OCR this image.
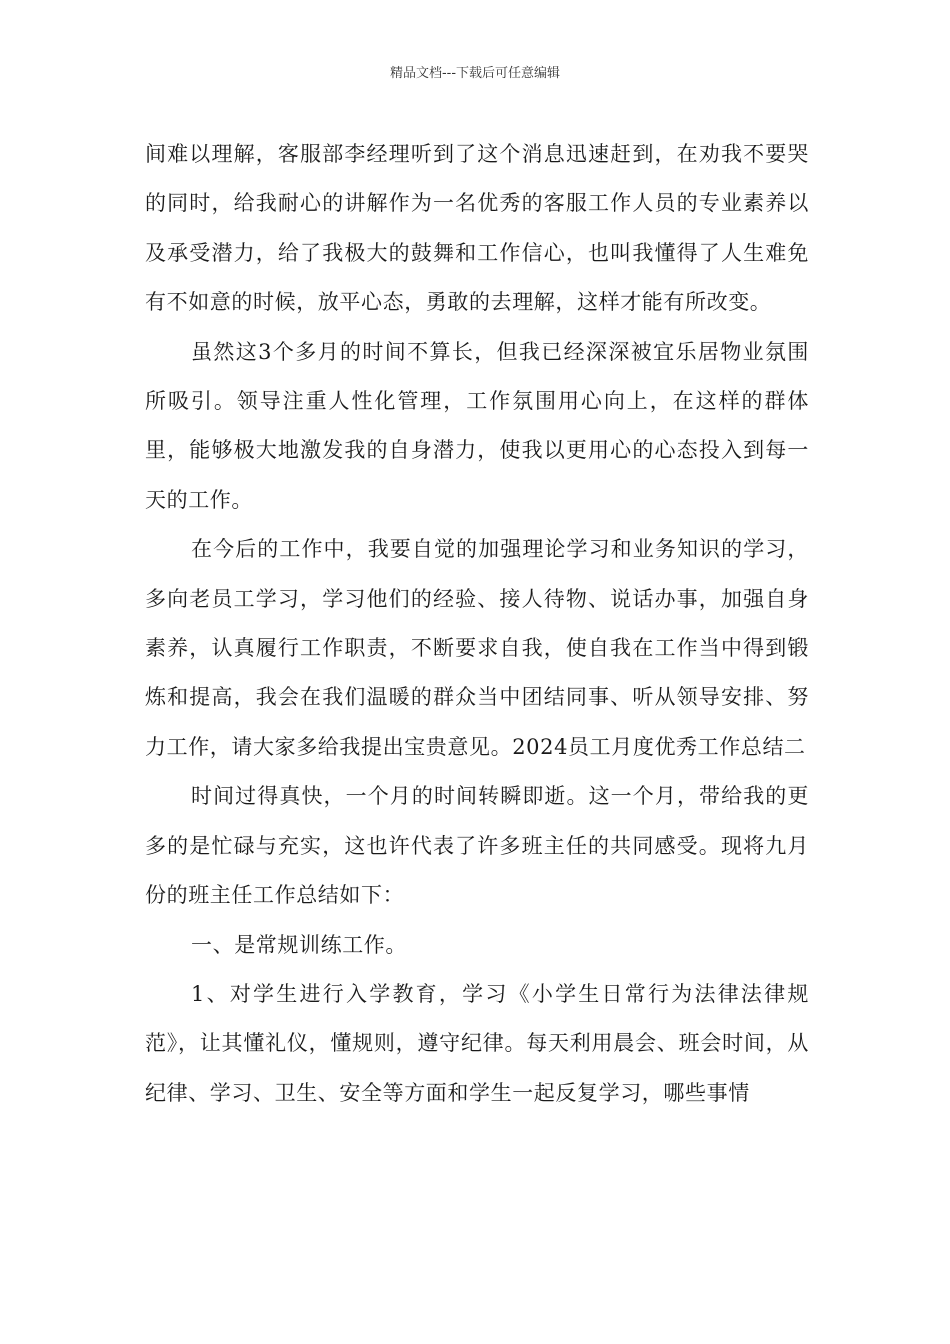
精品文档---下载后可任意编辑

间难以理解，客服部李经理听到了这个消息迅速赶到，在劝我不要哭的同时，给我耐心的讲解作为一名优秀的客服工作人员的专业素养以及承受潜力，给了我极大的鼓舞和工作信心，也叫我懂得了人生难免有不如意的时候，放平心态，勇敢的去理解，这样才能有所改变。

虽然这3个多月的时间不算长，但我已经深深被宜乐居物业氛围所吸引。领导注重人性化管理，工作氛围用心向上，在这样的群体里，能够极大地激发我的自身潜力，使我以更用心的心态投入到每一天的工作。

在今后的工作中，我要自觉的加强理论学习和业务知识的学习，多向老员工学习，学习他们的经验、接人待物、说话办事，加强自身素养，认真履行工作职责，不断要求自我，使自我在工作当中得到锻炼和提高，我会在我们温暖的群众当中团结同事、听从领导安排、努力工作，请大家多给我提出宝贵意见。2024员工月度优秀工作总结二

时间过得真快，一个月的时间转瞬即逝。这一个月，带给我的更多的是忙碌与充实，这也许代表了许多班主任的共同感受。现将九月份的班主任工作总结如下：

一、是常规训练工作。

1、对学生进行入学教育，学习《小学生日常行为法律法律规范》，让其懂礼仪，懂规则，遵守纪律。每天利用晨会、班会时间，从纪律、学习、卫生、安全等方面和学生一起反复学习，哪些事情
